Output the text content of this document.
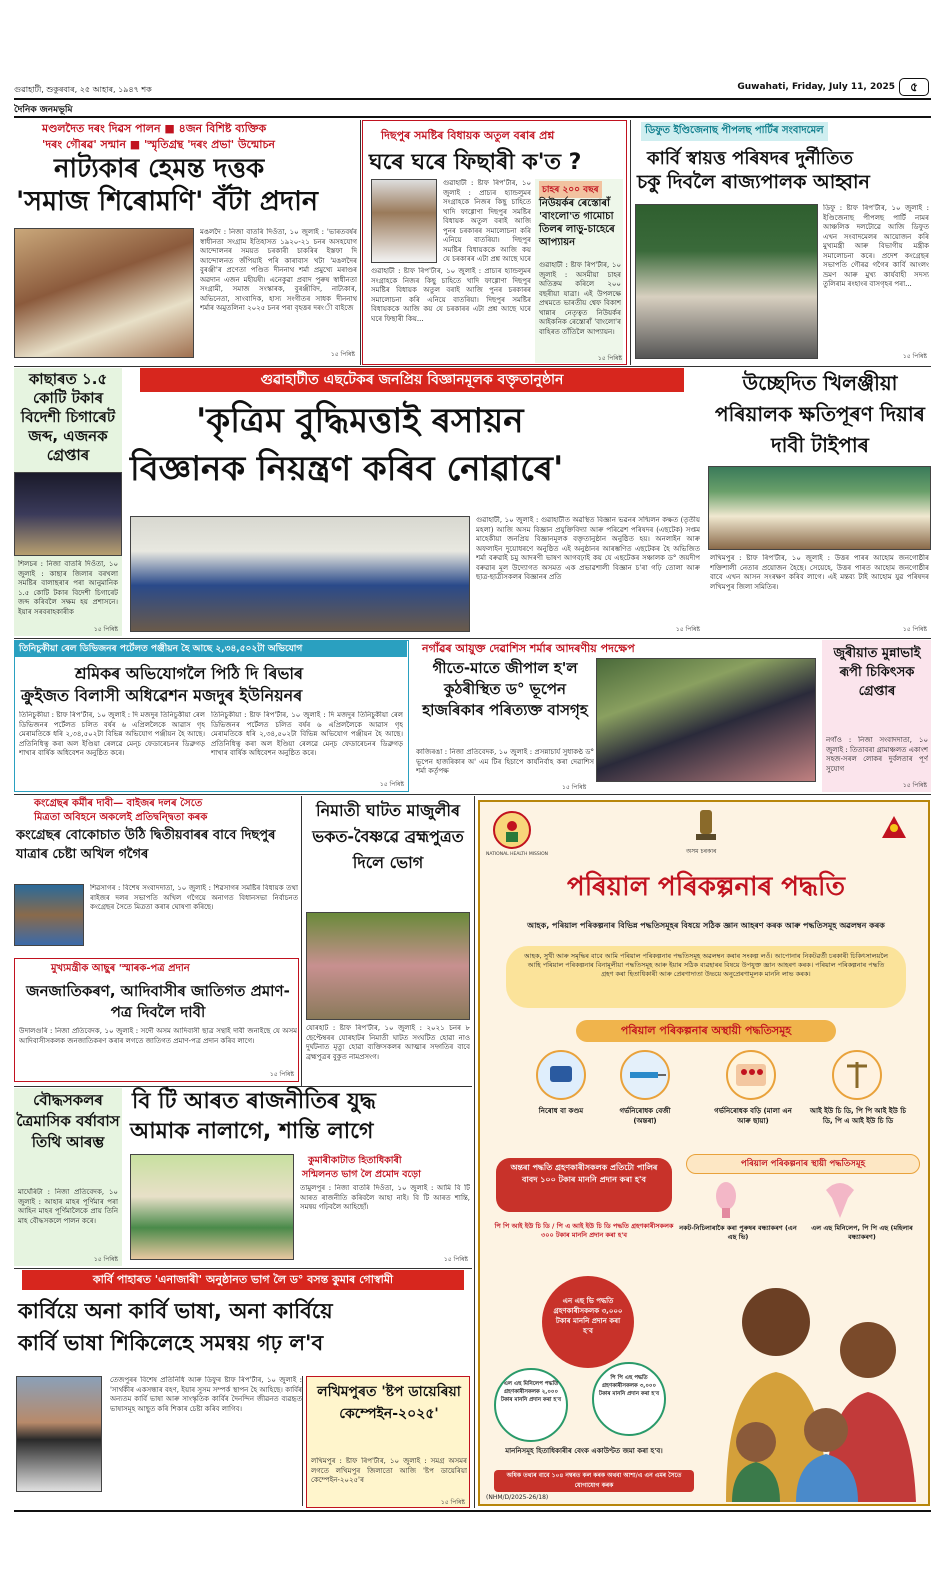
গুৱাহাটী, শুকুৰবাৰ, ২৫ আহাৰ, ১৯৪৭ শক	Guwahati, Friday, July 11, 2025	৫
দৈনিক জনমভূমি
মণ্ডলদৈত দৰং দিৱস পালন ■ ৪জন বিশিষ্ট ব্যক্তিক
'দৰং গৌৰৱ' সন্মান ■ 'স্মৃতিগ্ৰন্থ 'দৰং প্ৰভা' উন্মোচন
নাট্যকাৰ হেমন্ত দত্তক
'সমাজ শিৰোমণি' বঁটা প্ৰদান
মঙলদৈ : নিজা বাতৰি দিওঁতা, ১০ জুলাই : 'ভাৰতবৰ্ষৰ স্বাধীনতা সংগ্ৰাম ইতিহাসত ১৯২০-২১ চনৰ অসহযোগ আন্দোলনৰ সময়ত চৰকাৰী চাকৰিৰ ইস্তফা দি আন্দোলনত জঁপিয়াই পৰি কাৰাবাস খটা 'মঙলদৈৰ বুৰঞ্জী'ৰ প্ৰণেতা পণ্ডিত দীননাথ শৰ্মা প্ৰমুখ্যে মৰাণ্ডৰ অৱদান এজন মহীয়ষী। এনেকুৱা প্ৰবাদ পুৰুষ স্বাধীনতা সংগ্ৰামী, সমাজ সংস্কাৰক, বুৰঞ্জীবিদ, নাট্যকাৰ, অভিনেতা, সাংবাদিক, হাস্য সংগীতৰ সাধক দীননাথ শৰ্মাৰ অমুতলিনা ২০২৫ চনৰ পৰা বৃহত্তৰ দৰংী বাইজে
১৫ পিৰিষ্ট
দিছপুৰ সমষ্টিৰ বিধায়ক অতুল বৰাৰ প্ৰশ্ন
ঘৰে ঘৰে ফিছাৰী ক'ত ?
গুৱাহাটী : ষ্টাফ ৰিপ'ৰ্টাৰ, ১০ জুলাই : প্ৰাচ্যৰ হ্যান্ডলুমৰ সংগ্ৰাহকে নিজৰ কিছু চাহিতে খাদি ফাগ্গোণা দিছপুৰ সমষ্টিৰ বিধায়ক অতুল বৰাই আজি পুনৰ চৰকাৰৰ সমালোচনা কৰি এনিয়ে বাতৰিয়া। দিছপুৰ সমষ্টিৰ বিধায়ককে আজি কয় যে চৰকাৰৰ এটা প্ৰশ্ন আছে ঘৰে
চাহৰ ২০০ বছৰ
নিউয়ৰ্কৰ ৰেস্তোৰাঁ 'বাংলো'ত গামোচা তিলৰ লাড়ু-চাহেৰে আপ্যায়ন
গুৱাহাটী : ষ্টাফ ৰিপ'ৰ্টাৰ, ১০ জুলাই : অসমীয়া চাহৰ অতিক্ৰম কৰিলে ২০০ বছৰীয়া যাত্ৰা। এই উপলক্ষে প্ৰথমতে ভাৰতীয় শ্বেফ বিকাশ খান্নাৰ নেতৃত্বত নিউয়ৰ্কৰ আইকনিক ৰেস্তোৰাঁ 'বাংলো'ৰ বাহিৰত তাঁতিলৈ আপ্যায়ন।
গুৱাহাটী : ষ্টাফ ৰিপ'ৰ্টাৰ, ১০ জুলাই : প্ৰাচ্যৰ হ্যান্ডলুমৰ সংগ্ৰাহকে নিজৰ কিছু চাহিতে খাদি ফাগ্গোণা দিছপুৰ সমষ্টিৰ বিধায়ক অতুল বৰাই আজি পুনৰ চৰকাৰৰ সমালোচনা কৰি এনিয়ে বাতৰিয়া। দিছপুৰ সমষ্টিৰ বিধায়ককে আজি কয় যে চৰকাৰৰ এটা প্ৰশ্ন আছে ঘৰে ঘৰে ফিছাৰী কিয়...
১৫ পিৰিষ্ট
ডিফুত ইণ্ডিজেনাছ পীপলছ পাৰ্টিৰ সংবাদমেল
কাৰ্বি স্বায়ত্ত পৰিষদৰ দুৰ্নীতিত
চকু দিবলৈ ৰাজ্যপালক আহ্বান
ডিফু : ষ্টাফ ৰিপ'ৰ্টাৰ, ১০ জুলাই : ইণ্ডিজেনাছ পীপলছ পাৰ্টি নামৰ আঞ্চলিক দলটোৱে আজি ডিফুত এখন সংবাদমেলৰ আয়োজন কৰি মুখ্যমন্ত্ৰী আৰু বিভাগীয় মন্ত্ৰীক সমালোচনা কৰে। প্ৰদেশ কংগ্ৰেছৰ সভাপতি গৌৰৱ গগৈৰ কাৰ্বি আংলং ভ্ৰমণ আৰু মুখ্য কাৰ্যবাহী সদস্য তুলিৰাম ৰংহাংৰ বাসগৃহৰ পৰা...
১৫ পিৰিষ্ট
কাছাৰত ১.৫ কোটি টকাৰ বিদেশী চিগাৰেট জব্দ, এজনক গ্ৰেপ্তাৰ
শিলচৰ : নিজা বাতৰি দিওঁতা, ১০ জুলাই : কাছাৰ জিলাৰ বৰখলা সমষ্টিৰ বালাছৰাৰ পৰা আনুমানিক ১.৫ কোটি টকাৰ বিদেশী চিগাৰেট জব্দ কৰিবলৈ সক্ষম হয় প্ৰশাসনে। ইয়াৰ সৰবৰাহকাৰীক
১৫ পিৰিষ্ট
গুৱাহাটীত এছটেকৰ জনপ্ৰিয় বিজ্ঞানমূলক বক্তৃতানুষ্ঠান
'কৃত্ৰিম বুদ্ধিমত্তাই ৰসায়ন
বিজ্ঞানক নিয়ন্ত্ৰণ কৰিব নোৱাৰে'
গুৱাহাটী, ১০ জুলাই : গুৱাহাটীত অৱস্থিত বিজ্ঞান ভৱনৰ সন্মিলন কক্ষত (তৃতীয় মহলা) আজি অসম বিজ্ঞান প্ৰযুক্তিবিদ্যা আৰু পৰিৱেশ পৰিষদৰ (এছটেক) সপ্তম মাহেকীয়া জনপ্ৰিয় বিজ্ঞানমূলক বক্তৃতানুষ্ঠান অনুষ্ঠিত হয়। অনলাইন আৰু অফলাইন দুয়োধৰণে অনুষ্ঠিত এই অনুষ্ঠানৰ আৰম্ভণিত এছটেকৰ হৈ অভিজিত শৰ্মা বৰুৱাই চমু আদৰণী ভাষণ আগবঢ়াই কয় যে এছটেকৰ সঞ্চালক ড° জয়দীপ বৰুৱাৰ মূল উদ্যোগত অসমত এক প্ৰভাৱশালী বিজ্ঞান চ'ৰা গঢ়ি তোলা আৰু ছাত্ৰ-ছাত্ৰীসকলৰ বিজ্ঞানৰ প্ৰতি
১৫ পিৰিষ্ট
উচ্ছেদিত খিলঞ্জীয়া পৰিয়ালক ক্ষতিপূৰণ দিয়াৰ দাবী টাইপাৰ
লখিমপুৰ : ষ্টাফ ৰিপ'ৰ্টাৰ, ১০ জুলাই : উত্তৰ পাৰৰ আহোম জনগোষ্ঠীৰ শক্তিশালী নেতাৰ প্ৰয়োজন হৈছে। সেয়েহে, উত্তৰ পাৰত আহোম জনগোষ্ঠীৰ বাবে এখন আসন সংৰক্ষণ কৰিব লাগে। এই মন্তব্য টাই আহোম যুৱ পৰিষদৰ লখিমপুৰ জিলা সমিতিৰ।
১৫ পিৰিষ্ট
তিনিচুকীয়া ৰেল ডিভিজনৰ পৰ্টেলত পঞ্জীয়ন হৈ আছে ২,৩৪,৫০২টা অভিযোগ
শ্ৰমিকৰ অভিযোগলৈ পিঠি দি ৰিভাৰ
ক্ৰুইজত বিলাসী অধিৱেশন মজদুৰ ইউনিয়নৰ
তিনিচুকীয়া : ষ্টাফ ৰিপ'ৰ্টাৰ, ১০ জুলাই : দি মজদুৰ তিনিচুকীয়া ৰেল ডিভিজনৰ পৰ্টেলত চলিত বৰ্ষৰ ৬ এপ্ৰিললৈকে আৱাস গৃহ মেৰামতিকে ধৰি ২,৩৪,৫০২টা বিভিন্ন অভিযোগ পঞ্জীয়ন হৈ আছে। প্ৰতিনিধিত্ব কৰা অল ইণ্ডিয়া ৰেলৱে মেন্‌চ ফেডাৰেচনৰ ডিব্ৰুগড় শাখাৰ বাৰ্ষিক অধিবেশন অনুষ্ঠিত কৰে।
তিনিচুকীয়া : ষ্টাফ ৰিপ'ৰ্টাৰ, ১০ জুলাই : দি মজদুৰ তিনিচুকীয়া ৰেল ডিভিজনৰ পৰ্টেলত চলিত বৰ্ষৰ ৬ এপ্ৰিললৈকে আৱাস গৃহ মেৰামতিকে ধৰি ২,৩৪,৫০২টা বিভিন্ন অভিযোগ পঞ্জীয়ন হৈ আছে। প্ৰতিনিধিত্ব কৰা অল ইণ্ডিয়া ৰেলৱে মেন্‌চ ফেডাৰেচনৰ ডিব্ৰুগড় শাখাৰ বাৰ্ষিক অধিবেশন অনুষ্ঠিত কৰে।
১৫ পিৰিষ্ট
নগাঁৱৰ আয়ুক্ত দেৱাশিস শৰ্মাৰ আদৰণীয় পদক্ষেপ
গীতে-মাতে জীপাল হ'ল কুঠৰীস্থিত ড° ভূপেন হাজৰিকাৰ পৰিত্যক্ত বাসগৃহ
কাজিৰঙা : নিজা প্ৰতিবেদক, ১০ জুলাই : প্ৰসন্নাচাৰ্য সুধাকণ্ঠ ড° ভূপেন হাজৰিকাৰ অ' এম টিৰ হিচাপে কাৰ্যনিৰ্বাহ কৰা দেৱাশিস শৰ্মা কৰ্তৃপক্ষ
১৫ পিৰিষ্ট
জুৰীয়াত মুন্নাভাই ৰূপী চিকিৎসক গ্ৰেপ্তাৰ
নগাঁও : নিজা সংবাদদাতা, ১০ জুলাই : তিতাবৰা গ্ৰামাঞ্চলত একাংশ সহজ-সৰল লোকৰ দুৰ্বলতাৰ পূৰ্ণ সুযোগ
১৫ পিৰিষ্ট
কংগ্ৰেছৰ কৰ্মীৰ দাবী— বাইজৰ দলৰ সৈতে
মিত্ৰতা অবিহনে অকলেই প্ৰতিদ্বন্দ্বিতা কৰক
কংগ্ৰেছৰ বোকোচাত উঠি দ্বিতীয়বাৰৰ বাবে দিছপুৰ যাত্ৰাৰ চেষ্টা অখিল গগৈৰ
শিৱসাগৰ : বিশেষ সংবাদদাতা, ১০ জুলাই : শিৱসাগৰ সমষ্টিৰ বিধায়ক তথা ৰাইজৰ দলৰ সভাপতি অখিল গগৈয়ে অনাগত বিধানসভা নিৰ্বাচনত কংগ্ৰেছৰ সৈতে মিত্ৰতা কৰাৰ ঘোষণা কৰিছে।
মুখ্যমন্ত্ৰীক আছুৰ 'স্মাৰক-পত্ৰ প্ৰদান
জনজাতিকৰণ, আদিবাসীৰ জাতিগত প্ৰমাণ-পত্ৰ দিবলৈ দাবী
উদালগুৰি : নিজা প্ৰতিবেদক, ১০ জুলাই : সদৌ অসম আদিবাসী ছাত্ৰ সন্থাই দাবী জনাইছে যে অসম আদিবাসীসকলক জনজাতিকৰণ কৰাৰ লগতে জাতিগত প্ৰমাণ-পত্ৰ প্ৰদান কৰিব লাগে।
১৫ পিৰিষ্ট
নিমাতী ঘাটত মাজুলীৰ ভকত-বৈষ্ণৱে ব্ৰহ্মপুত্ৰত দিলে ভোগ
যোৰহাট : ষ্টাফ ৰিপ'ৰ্টাৰ, ১০ জুলাই : ২০২১ চনৰ ৮ ছেপ্টেম্বৰৰ যোৰহাটৰ নিমাতী ঘাটত সংঘটিত হোৱা নাও দুৰ্ঘটনাত মৃত্যু হোৱা ব্যক্তিসকলৰ আত্মাৰ সদ্গতিৰ বাবে ব্ৰহ্মপুত্ৰৰ বুকুত নামপ্ৰসংগ।
NATIONAL HEALTH MISSION	অসম চৰকাৰ
পৰিয়াল পৰিকল্পনাৰ পদ্ধতি
আহক, পৰিয়াল পৰিকল্পনাৰ বিভিন্ন পদ্ধতিসমূহৰ বিষয়ে সঠিক জ্ঞান আহৰণ কৰক আৰু পদ্ধতিসমূহ অৱলম্বন কৰক
আহক, সুখী আৰু সমৃদ্ধিৰ বাবে আমি পৰিয়াল পৰিকল্পনাৰ পদ্ধতিসমূহ অৱলম্বন কৰাৰ সংকল্প লওঁ। আপোনাৰ নিকটৱৰ্তী চৰকাৰী চিকিৎসালয়লৈ আহি পৰিয়াল পৰিকল্পনাৰ বিনামূলীয়া পদ্ধতিসমূহ আৰু ইয়াৰ সঠিক ব্যৱহাৰৰ বিষয়ে উপযুক্ত জ্ঞান আহৰণ কৰক। পৰিয়াল পৰিকল্পনাৰ পদ্ধতি গ্ৰহণ কৰা হিতাধিকাৰী আৰু প্ৰেৰণাদাতা উভয়ে অনুপ্ৰেৰণামূলক মাননি লাভ কৰক।
পৰিয়াল পৰিকল্পনাৰ অস্থায়ী পদ্ধতিসমূহ
নিৰোধ বা কণ্ডম	গৰ্ভনিৰোধক বেজী (অন্তৰা)
গৰ্ভনিৰোধক বড়ি (মালা এন আৰু ছায়া)
আই ইউ চি ডি, পি পি আই ইউ চি ডি, পি এ আই ইউ চি ডি
অন্তৰা পদ্ধতি গ্ৰহণকাৰীসকলক প্ৰতিটো পালিৰ বাবদ ১০০ টকাৰ মাননি প্ৰদান কৰা হ'ব
পি পি আই ইউ চি ডি / পি এ আই ইউ চি ডি পদ্ধতি গ্ৰহণকাৰীসকলক ৩০০ টকাৰ মাননি প্ৰদান কৰা হ'ব
পৰিয়াল পৰিকল্পনাৰ স্থায়ী পদ্ধতিসমূহ
নকট-নিচিলাৰাকৈ কৰা পুৰুষৰ বন্ধ্যাকৰণ (এন এছ ভি)
এল এছ মিনিলেপ, পি পি এছ (মহিলাৰ বন্ধ্যাকৰণ)
এন এছ ভি পদ্ধতি গ্ৰহণকাৰীসকলক ৩,০০০ টকাৰ মাননি প্ৰদান কৰা হ'ব
এল এছ মিনিলেপ পদ্ধতি গ্ৰহণকাৰীসকলক ২,০০০ টকাৰ মাননি প্ৰদান কৰা হ'ব
পি পি এছ পদ্ধতি গ্ৰহণকাৰীসকলক ৩,০০০ টকাৰ মাননি প্ৰদান কৰা হ'ব
মাননিসমূহ হিতাধিকাৰীৰ বেংক একাউণ্টত জমা কৰা হ'ব।
অধিক তথ্যৰ বাবে ১০৪ নম্বৰত কল কৰক অথবা আশা/এ এন এমৰ সৈতে যোগাযোগ কৰক
(NHM/D/2025-26/18)
বৌদ্ধসকলৰ ত্ৰৈমাসিক বৰ্ষাবাস তিথি আৰম্ভ
মাৰ্ঘেৰিটা : নিজা প্ৰতিবেদক, ১০ জুলাই : আহাৰ মাহৰ পূৰ্ণিমাৰ পৰা আহিন মাহৰ পূৰ্ণিমালৈকে প্ৰায় তিনি মাহ বৌদ্ধসকলে পালন কৰে।
১৫ পিৰিষ্ট
বি টি আৰত ৰাজনীতিৰ যুদ্ধ
আমাক নালাগে, শান্তি লাগে
কুমাৰীকাটাত হিতাধিকাৰী
সন্মিলনত ভাগ লৈ প্ৰমোদ বড়ো
তামুলপুৰ : নিজা বাতৰি দিওঁতা, ১০ জুলাই : আমি বি টি আৰত ৰাজনীতি কৰিবলৈ আহা নাই। বি টি আৰত শান্তি, সমন্বয় গঢ়িবলৈ আহিছোঁ।
১৫ পিৰিষ্ট
কাৰ্বি পাহাৰত 'এনাজাৰী' অনুষ্ঠানত ভাগ লৈ ড° বসন্ত কুমাৰ গোস্বামী
কাৰ্বিয়ে অনা কাৰ্বি ভাষা, অনা কাৰ্বিয়ে
কাৰ্বি ভাষা শিকিলেহে সমন্বয় গঢ় ল'ব
তেজপুৰৰ বিশেষ প্ৰতিনিধি আৰু ডিফুৰ ষ্টাফ ৰিপ'ৰ্টাৰ, ১০ জুলাই : 'সাৰ্থকীৰ একসন্ধাৰ বহণ, ইয়াৰ সুসম সম্পৰ্ক স্থাপন হৈ আহিছে। কাৰ্বিৰ অন্যতম কাৰ্বি ভাষা আৰু সাংস্কৃতিক কাৰ্বিৰ দৈনন্দিন জীৱনত ব্যৱহৃত ভাষাসমূহ আছুত কৰি শিকাৰ চেষ্টা কৰিব লাগিব।
লখিমপুৰত 'ষ্টপ ডায়েৰিয়া কেম্পেইন-২০২৫'
লখিমপুৰ : ষ্টাফ ৰিপ'ৰ্টাৰ, ১০ জুলাই : সমগ্ৰ অসমৰ লগতে লখিমপুৰ জিলাতো আজি 'ষ্টপ ডায়েৰিয়া কেম্পেইন-২০২৫'ৰ
১৫ পিৰিষ্ট
